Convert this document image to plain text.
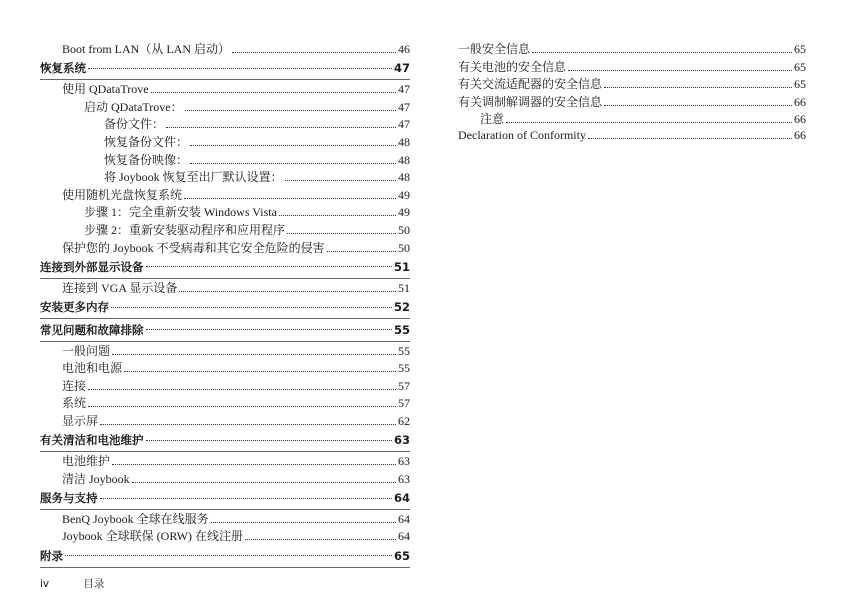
Boot from LAN（从 LAN 启动）	46
恢复系统	47
使用 QDataTrove	47
启动 QDataTrove：	47
备份文件：	47
恢复备份文件：	48
恢复备份映像：	48
将 Joybook 恢复至出厂默认设置：	48
使用随机光盘恢复系统	49
步骤 1：完全重新安装 Windows Vista	49
步骤 2：重新安装驱动程序和应用程序	50
保护您的 Joybook 不受病毒和其它安全危险的侵害	50
连接到外部显示设备	51
连接到 VGA 显示设备	51
安装更多内存	52
常见问题和故障排除	55
一般问题	55
电池和电源	55
连接	57
系统	57
显示屏	62
有关清洁和电池维护	63
电池维护	63
清洁 Joybook	63
服务与支持	64
BenQ Joybook 全球在线服务	64
Joybook 全球联保 (ORW) 在线注册	64
附录	65
一般安全信息	65
有关电池的安全信息	65
有关交流适配器的安全信息	65
有关调制解调器的安全信息	66
注意	66
Declaration of Conformity	66
iv	目录
